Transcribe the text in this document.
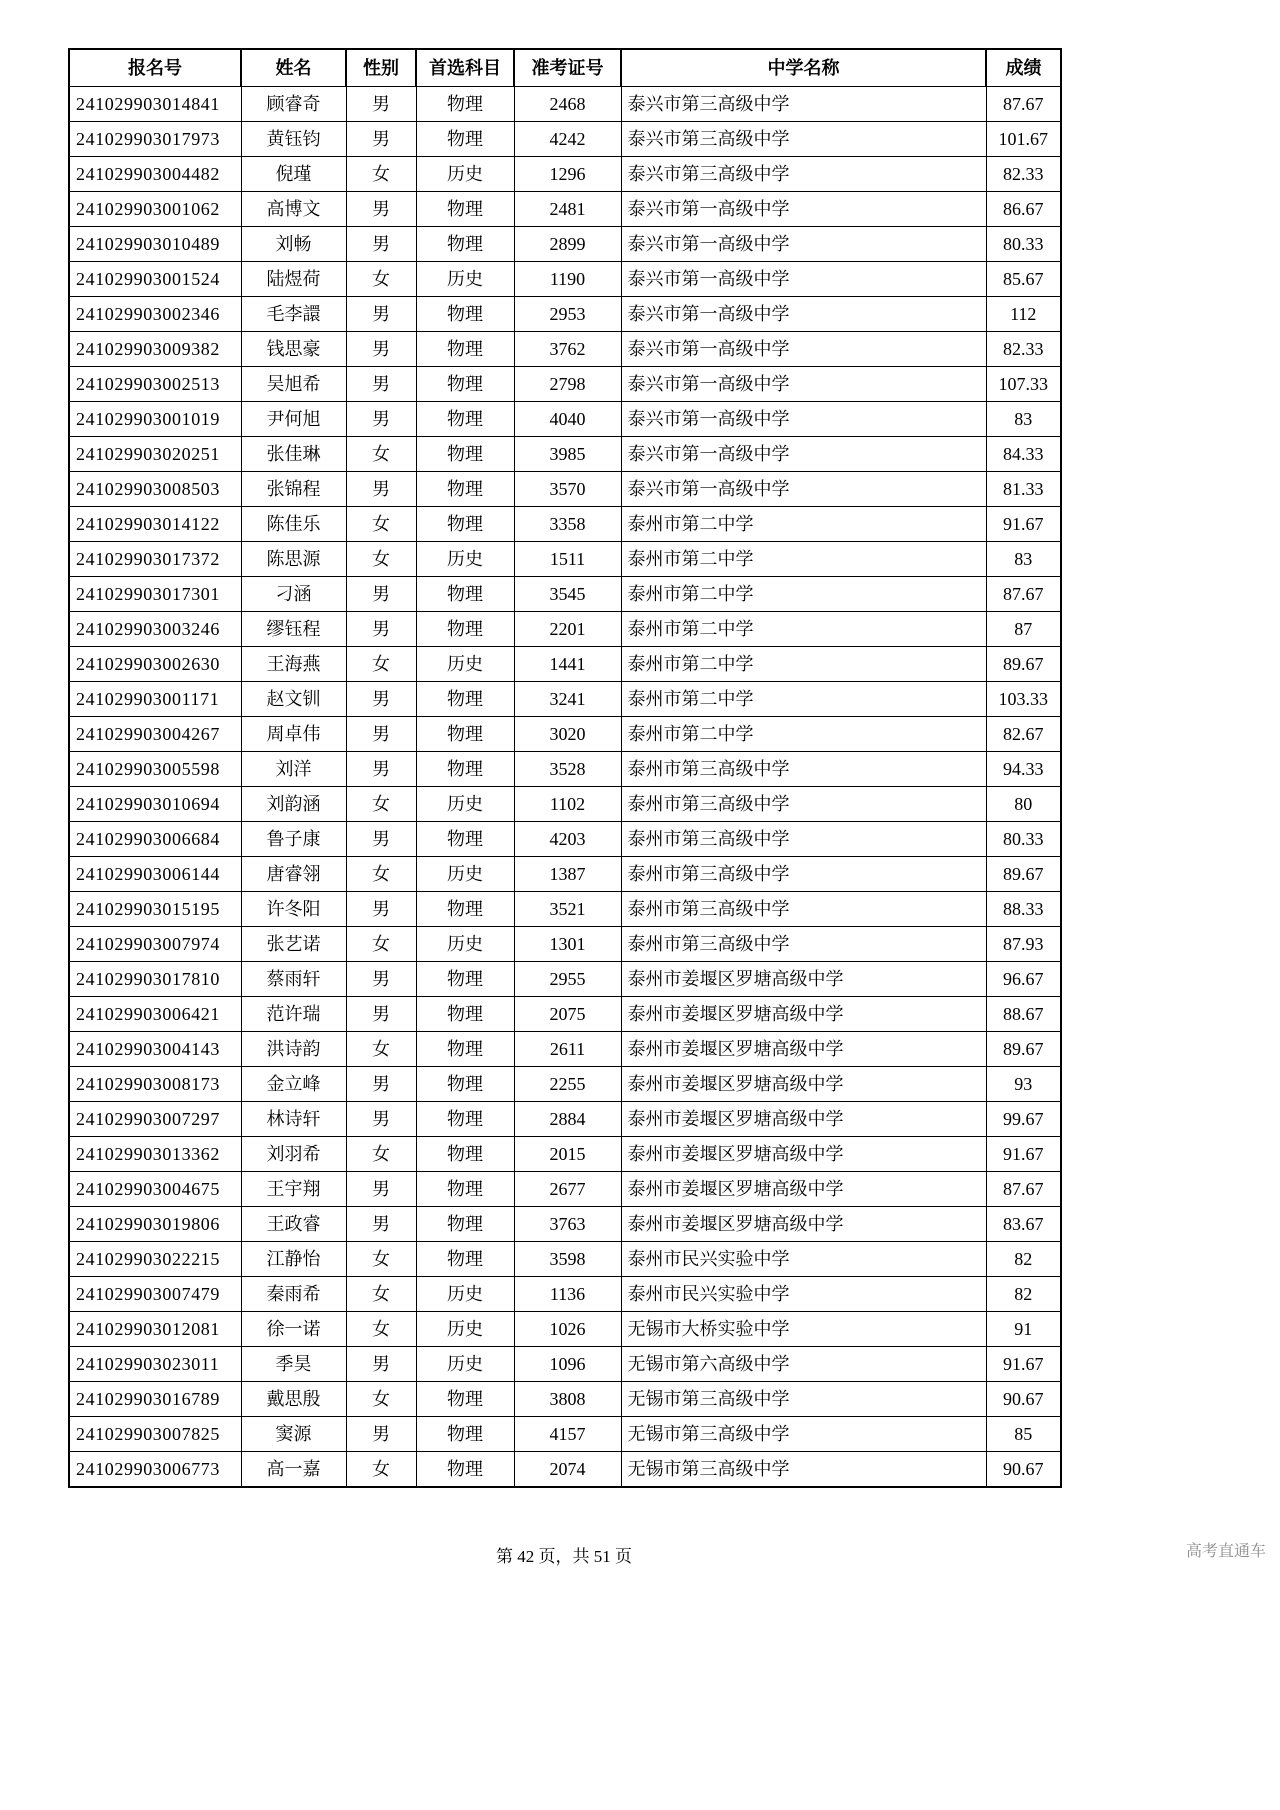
报名号	姓名	性别	首选科目	准考证号	中学名称	成绩
241029903014841	顾睿奇	男	物理	2468	泰兴市第三高级中学	87.67
241029903017973	黄钰钧	男	物理	4242	泰兴市第三高级中学	101.67
241029903004482	倪瑾	女	历史	1296	泰兴市第三高级中学	82.33
241029903001062	高博文	男	物理	2481	泰兴市第一高级中学	86.67
241029903010489	刘畅	男	物理	2899	泰兴市第一高级中学	80.33
241029903001524	陆煜荷	女	历史	1190	泰兴市第一高级中学	85.67
241029903002346	毛李譞	男	物理	2953	泰兴市第一高级中学	112
241029903009382	钱思豪	男	物理	3762	泰兴市第一高级中学	82.33
241029903002513	吴旭希	男	物理	2798	泰兴市第一高级中学	107.33
241029903001019	尹何旭	男	物理	4040	泰兴市第一高级中学	83
241029903020251	张佳琳	女	物理	3985	泰兴市第一高级中学	84.33
241029903008503	张锦程	男	物理	3570	泰兴市第一高级中学	81.33
241029903014122	陈佳乐	女	物理	3358	泰州市第二中学	91.67
241029903017372	陈思源	女	历史	1511	泰州市第二中学	83
241029903017301	刁涵	男	物理	3545	泰州市第二中学	87.67
241029903003246	缪钰程	男	物理	2201	泰州市第二中学	87
241029903002630	王海燕	女	历史	1441	泰州市第二中学	89.67
241029903001171	赵文钏	男	物理	3241	泰州市第二中学	103.33
241029903004267	周卓伟	男	物理	3020	泰州市第二中学	82.67
241029903005598	刘洋	男	物理	3528	泰州市第三高级中学	94.33
241029903010694	刘韵涵	女	历史	1102	泰州市第三高级中学	80
241029903006684	鲁子康	男	物理	4203	泰州市第三高级中学	80.33
241029903006144	唐睿翎	女	历史	1387	泰州市第三高级中学	89.67
241029903015195	许冬阳	男	物理	3521	泰州市第三高级中学	88.33
241029903007974	张艺诺	女	历史	1301	泰州市第三高级中学	87.93
241029903017810	蔡雨轩	男	物理	2955	泰州市姜堰区罗塘高级中学	96.67
241029903006421	范许瑞	男	物理	2075	泰州市姜堰区罗塘高级中学	88.67
241029903004143	洪诗韵	女	物理	2611	泰州市姜堰区罗塘高级中学	89.67
241029903008173	金立峰	男	物理	2255	泰州市姜堰区罗塘高级中学	93
241029903007297	林诗轩	男	物理	2884	泰州市姜堰区罗塘高级中学	99.67
241029903013362	刘羽希	女	物理	2015	泰州市姜堰区罗塘高级中学	91.67
241029903004675	王宇翔	男	物理	2677	泰州市姜堰区罗塘高级中学	87.67
241029903019806	王政睿	男	物理	3763	泰州市姜堰区罗塘高级中学	83.67
241029903022215	江静怡	女	物理	3598	泰州市民兴实验中学	82
241029903007479	秦雨希	女	历史	1136	泰州市民兴实验中学	82
241029903012081	徐一诺	女	历史	1026	无锡市大桥实验中学	91
241029903023011	季昊	男	历史	1096	无锡市第六高级中学	91.67
241029903016789	戴思殷	女	物理	3808	无锡市第三高级中学	90.67
241029903007825	窦源	男	物理	4157	无锡市第三高级中学	85
241029903006773	高一嘉	女	物理	2074	无锡市第三高级中学	90.67
第 42 页，共 51 页	高考直通车
